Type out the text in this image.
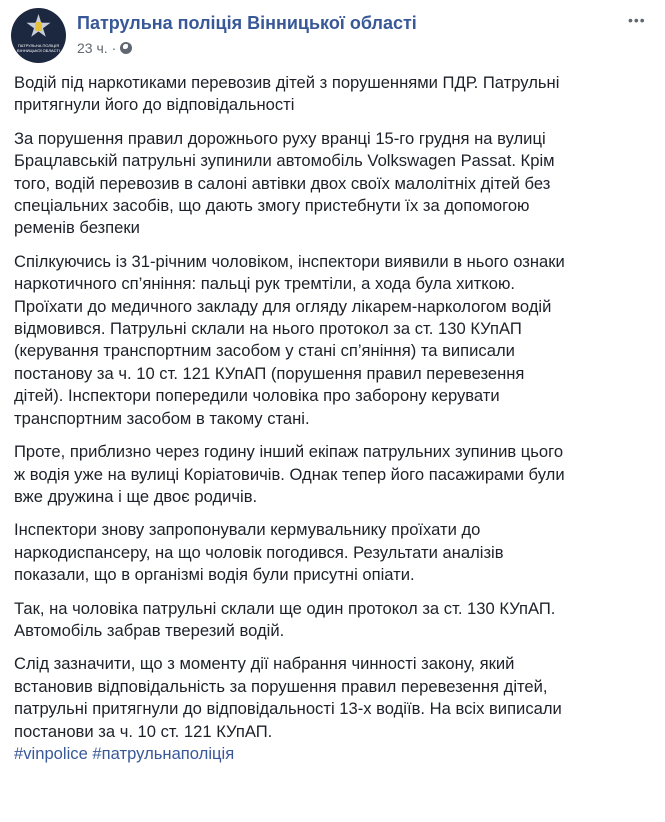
ПАТРУЛЬНА ПОЛІЦІЯ ВІННИЦЬКОЇ ОБЛАСТІ
Патрульна поліція Вінницької області
23 ч. ·
•••
Водій під наркотиками перевозив дітей з порушеннями ПДР. Патрульні
притягнули його до відповідальності
За порушення правил дорожнього руху вранці 15-го грудня на вулиці
Брацлавській патрульні зупинили автомобіль Volkswagen Passat. Крім
того, водій перевозив в салоні автівки двох своїх малолітніх дітей без
спеціальних засобів, що дають змогу пристебнути їх за допомогою
ременів безпеки
Спілкуючись із 31-річним чоловіком, інспектори виявили в нього ознаки
наркотичного сп’яніння: пальці рук тремтіли, а хода була хиткою.
Проїхати до медичного закладу для огляду лікарем-наркологом водій
відмовився. Патрульні склали на нього протокол за ст. 130 КУпАП
(керування транспортним засобом у стані сп’яніння) та виписали
постанову за ч. 10 ст. 121 КУпАП (порушення правил перевезення
дітей). Інспектори попередили чоловіка про заборону керувати
транспортним засобом в такому стані.
Проте, приблизно через годину інший екіпаж патрульних зупинив цього
ж водія уже на вулиці Коріатовичів. Однак тепер його пасажирами були
вже дружина і ще двоє родичів.
Інспектори знову запропонували кермувальнику проїхати до
наркодиспансеру, на що чоловік погодився. Результати аналізів
показали, що в організмі водія були присутні опіати.
Так, на чоловіка патрульні склали ще один протокол за ст. 130 КУпАП.
Автомобіль забрав тверезий водій.
Слід зазначити, що з моменту дії набрання чинності закону, який
встановив відповідальність за порушення правил перевезення дітей,
патрульні притягнули до відповідальності 13-х водіїв. На всіх виписали
постанови за ч. 10 ст. 121 КУпАП.
#vinpolice #патрульнаполіція
